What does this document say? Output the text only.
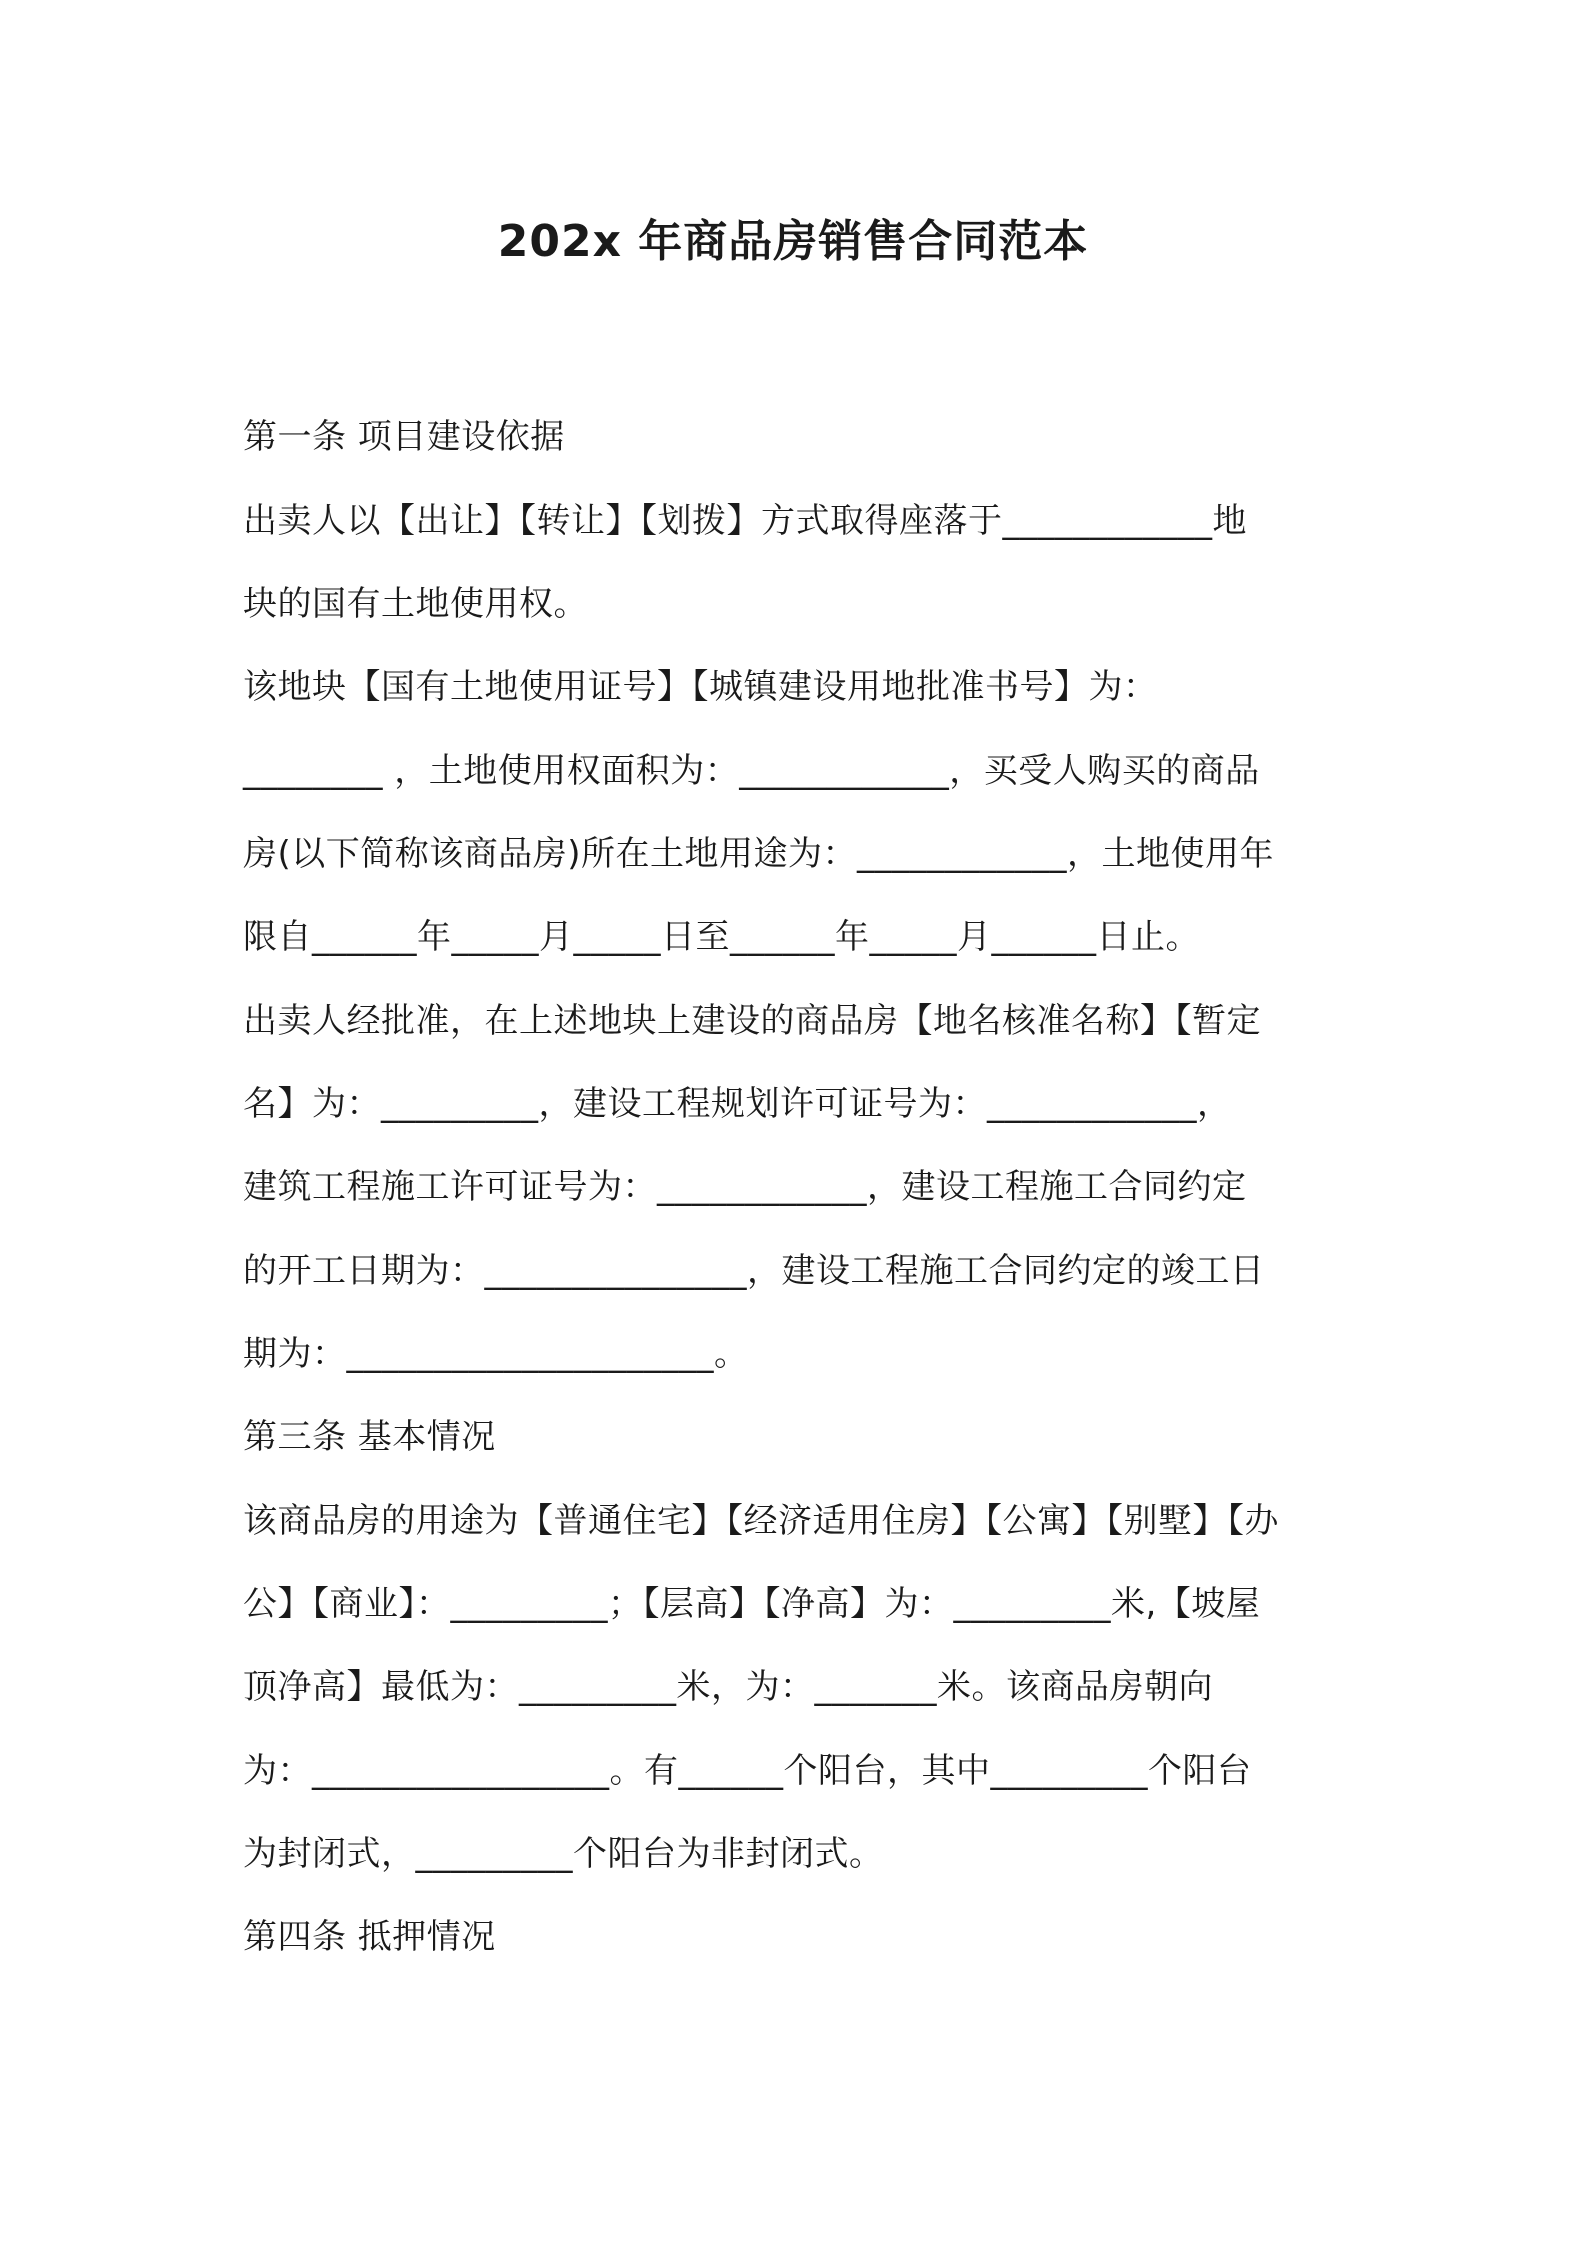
202x 年商品房销售合同范本
第一条 项目建设依据
出卖人以【出让】【转让】【划拨】方式取得座落于____________地
块的国有土地使用权。
该地块【国有土地使用证号】【城镇建设用地批准书号】为：
________ ，土地使用权面积为：____________，买受人购买的商品
房(以下简称该商品房)所在土地用途为：____________，土地使用年
限自______年_____月_____日至______年_____月______日止。
出卖人经批准，在上述地块上建设的商品房【地名核准名称】【暂定
名】为：_________，建设工程规划许可证号为：____________，
建筑工程施工许可证号为：____________，建设工程施工合同约定
的开工日期为：_______________，建设工程施工合同约定的竣工日
期为：_____________________。
第三条 基本情况
该商品房的用途为【普通住宅】【经济适用住房】【公寓】【别墅】【办
公】【商业】：_________；【层高】【净高】为：_________米,【坡屋
顶净高】最低为：_________米，为：_______米。该商品房朝向
为：_________________。有______个阳台，其中_________个阳台
为封闭式，_________个阳台为非封闭式。
第四条 抵押情况
